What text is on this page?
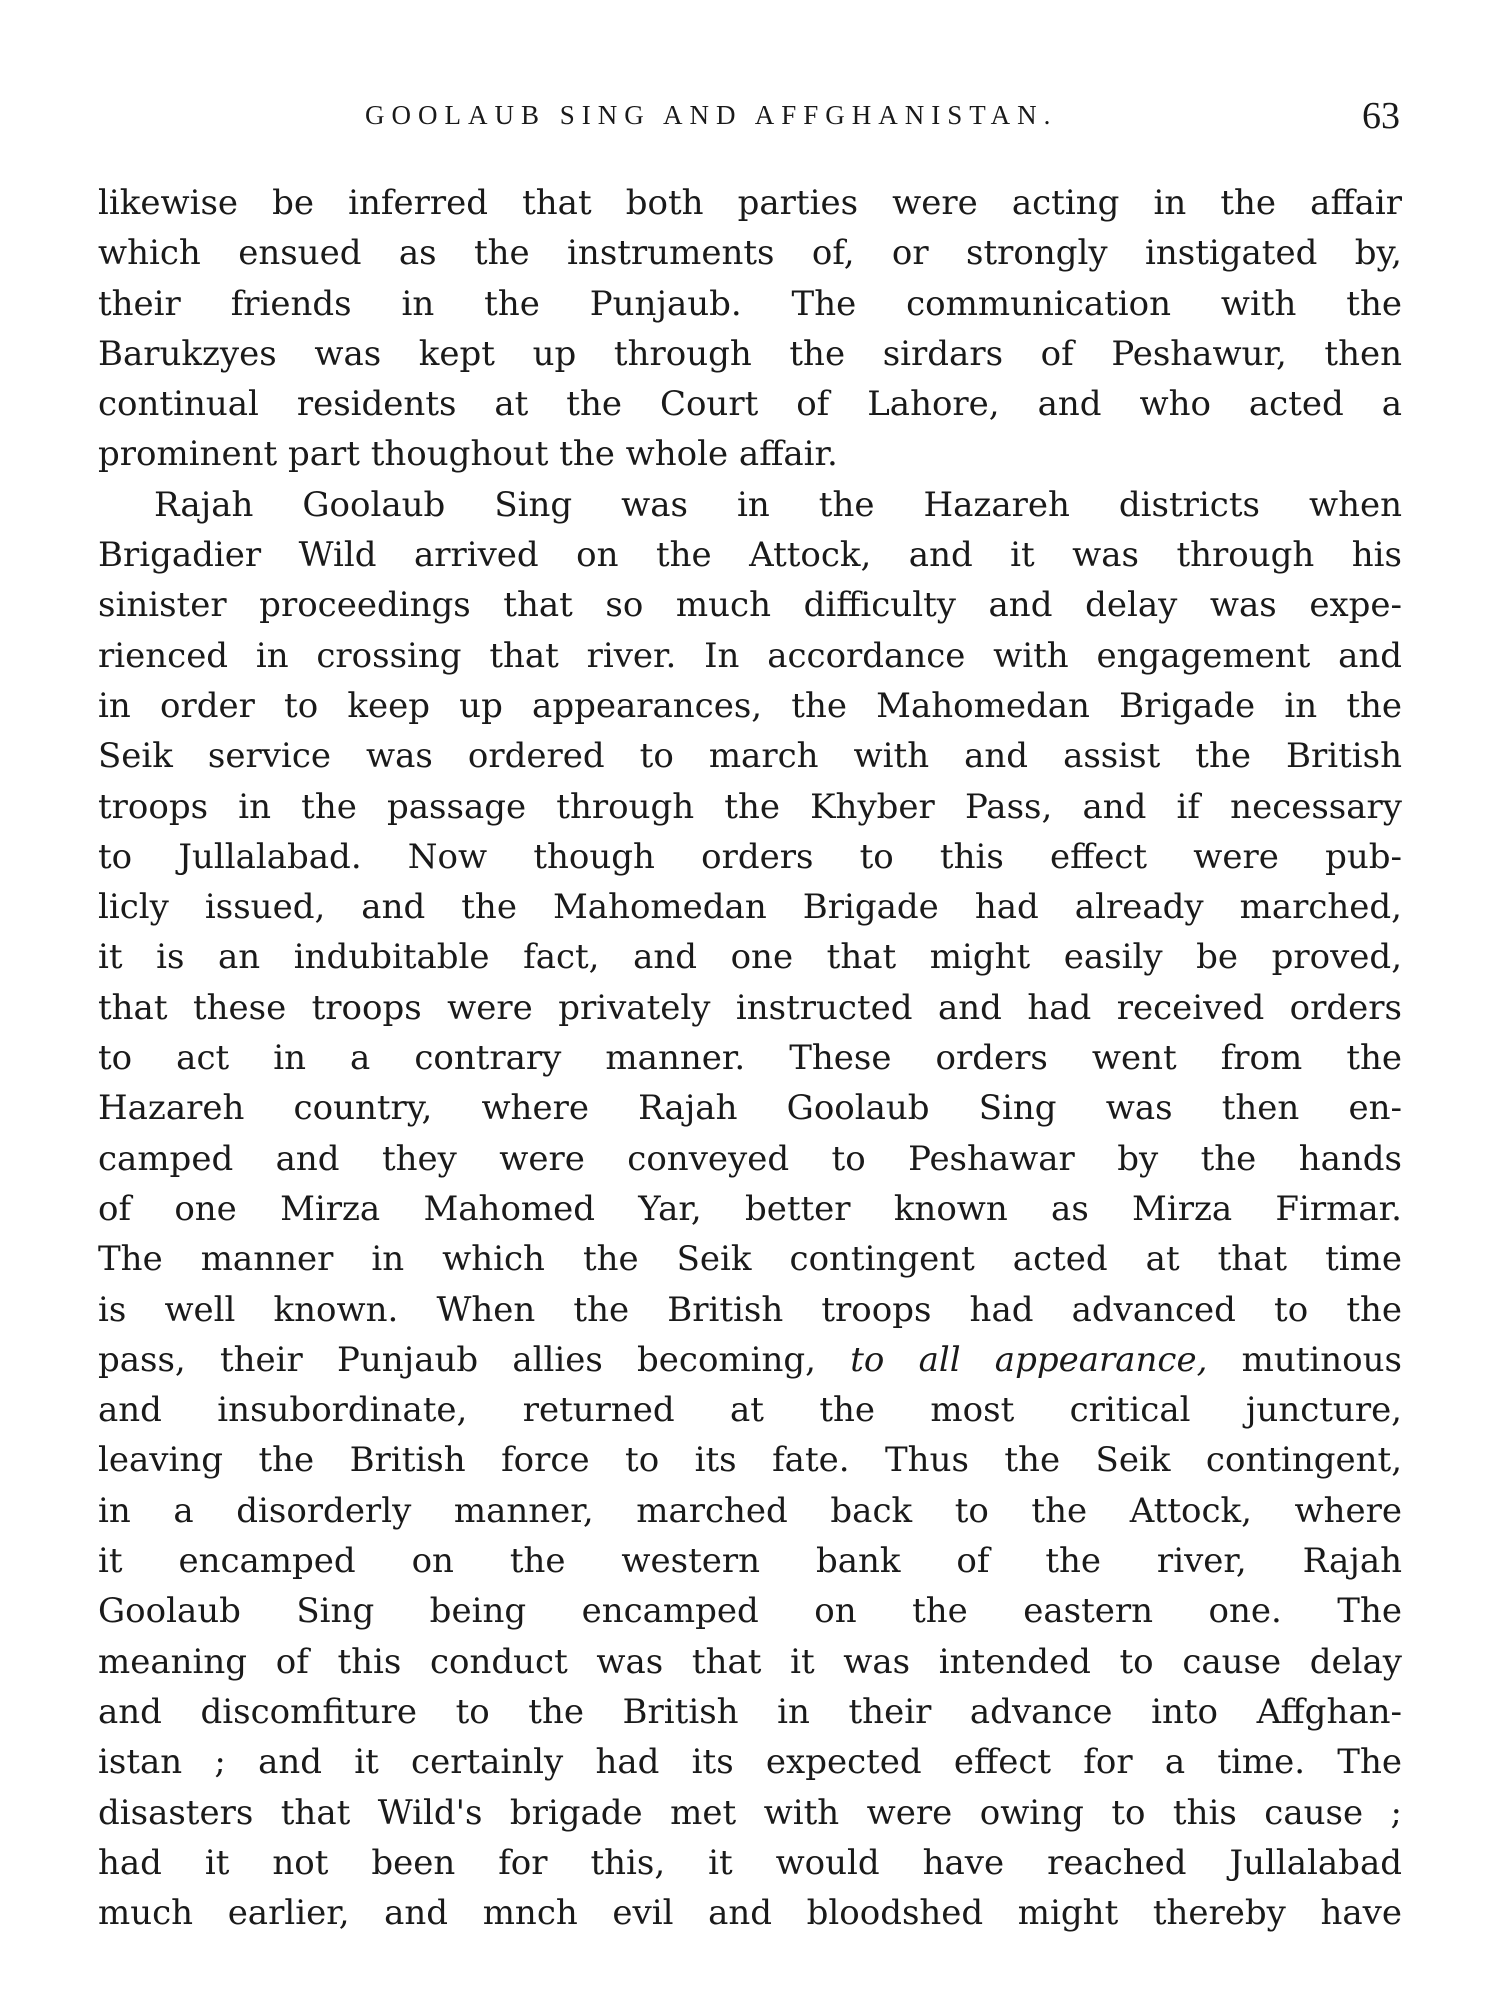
GOOLAUB SING AND AFFGHANISTAN.	63
likewise be inferred that both parties were acting in the affair
which ensued as the instruments of, or strongly instigated by,
their friends in the Punjaub. The communication with the
Barukzyes was kept up through the sirdars of Peshawur, then
continual residents at the Court of Lahore, and who acted a
prominent part thoughout the whole affair.
Rajah Goolaub Sing was in the Hazareh districts when
Brigadier Wild arrived on the Attock, and it was through his
sinister proceedings that so much difficulty and delay was expe-
rienced in crossing that river. In accordance with engagement and
in order to keep up appearances, the Mahomedan Brigade in the
Seik service was ordered to march with and assist the British
troops in the passage through the Khyber Pass, and if necessary
to Jullalabad. Now though orders to this effect were pub-
licly issued, and the Mahomedan Brigade had already marched,
it is an indubitable fact, and one that might easily be proved,
that these troops were privately instructed and had received orders
to act in a contrary manner. These orders went from the
Hazareh country, where Rajah Goolaub Sing was then en-
camped and they were conveyed to Peshawar by the hands
of one Mirza Mahomed Yar, better known as Mirza Firmar.
The manner in which the Seik contingent acted at that time
is well known. When the British troops had advanced to the
pass, their Punjaub allies becoming, to all appearance, mutinous
and insubordinate, returned at the most critical juncture,
leaving the British force to its fate. Thus the Seik contingent,
in a disorderly manner, marched back to the Attock, where
it encamped on the western bank of the river, Rajah
Goolaub Sing being encamped on the eastern one. The
meaning of this conduct was that it was intended to cause delay
and discomfiture to the British in their advance into Affghan-
istan ; and it certainly had its expected effect for a time. The
disasters that Wild's brigade met with were owing to this cause ;
had it not been for this, it would have reached Jullalabad
much earlier, and mnch evil and bloodshed might thereby have
